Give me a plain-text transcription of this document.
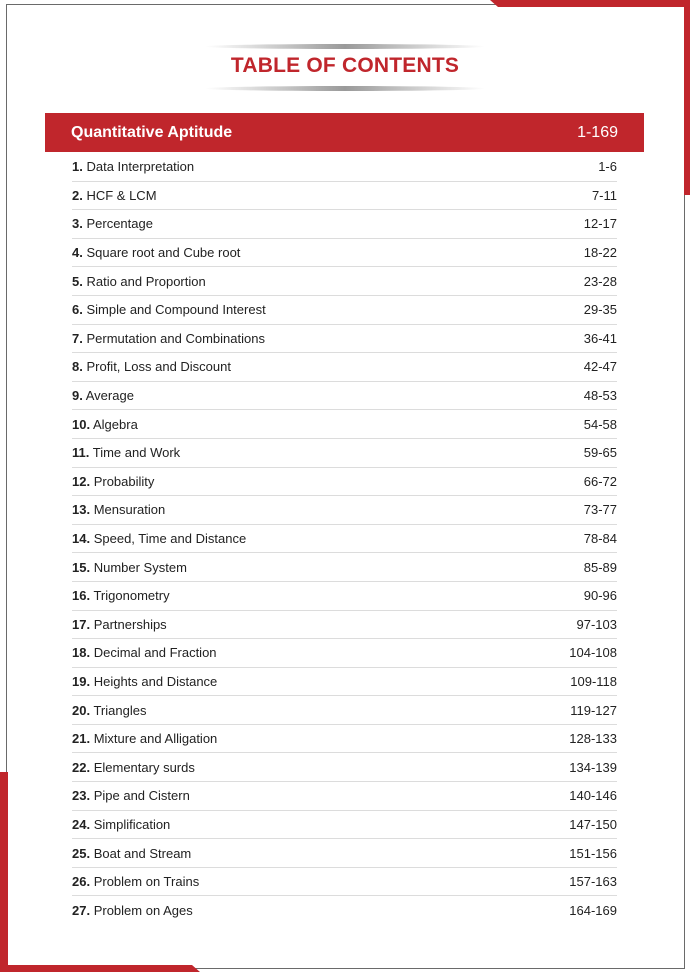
TABLE OF CONTENTS
Quantitative Aptitude	1-169
1. Data Interpretation	1-6
2. HCF & LCM	7-11
3. Percentage	12-17
4. Square root and Cube root	18-22
5. Ratio and Proportion	23-28
6. Simple and Compound Interest	29-35
7. Permutation and Combinations	36-41
8. Profit, Loss and Discount	42-47
9. Average	48-53
10. Algebra	54-58
11. Time and Work	59-65
12. Probability	66-72
13. Mensuration	73-77
14. Speed, Time and Distance	78-84
15. Number System	85-89
16. Trigonometry	90-96
17. Partnerships	97-103
18. Decimal and Fraction	104-108
19. Heights and Distance	109-118
20. Triangles	119-127
21. Mixture and Alligation	128-133
22. Elementary surds	134-139
23. Pipe and Cistern	140-146
24. Simplification	147-150
25. Boat and Stream	151-156
26. Problem on Trains	157-163
27. Problem on Ages	164-169
